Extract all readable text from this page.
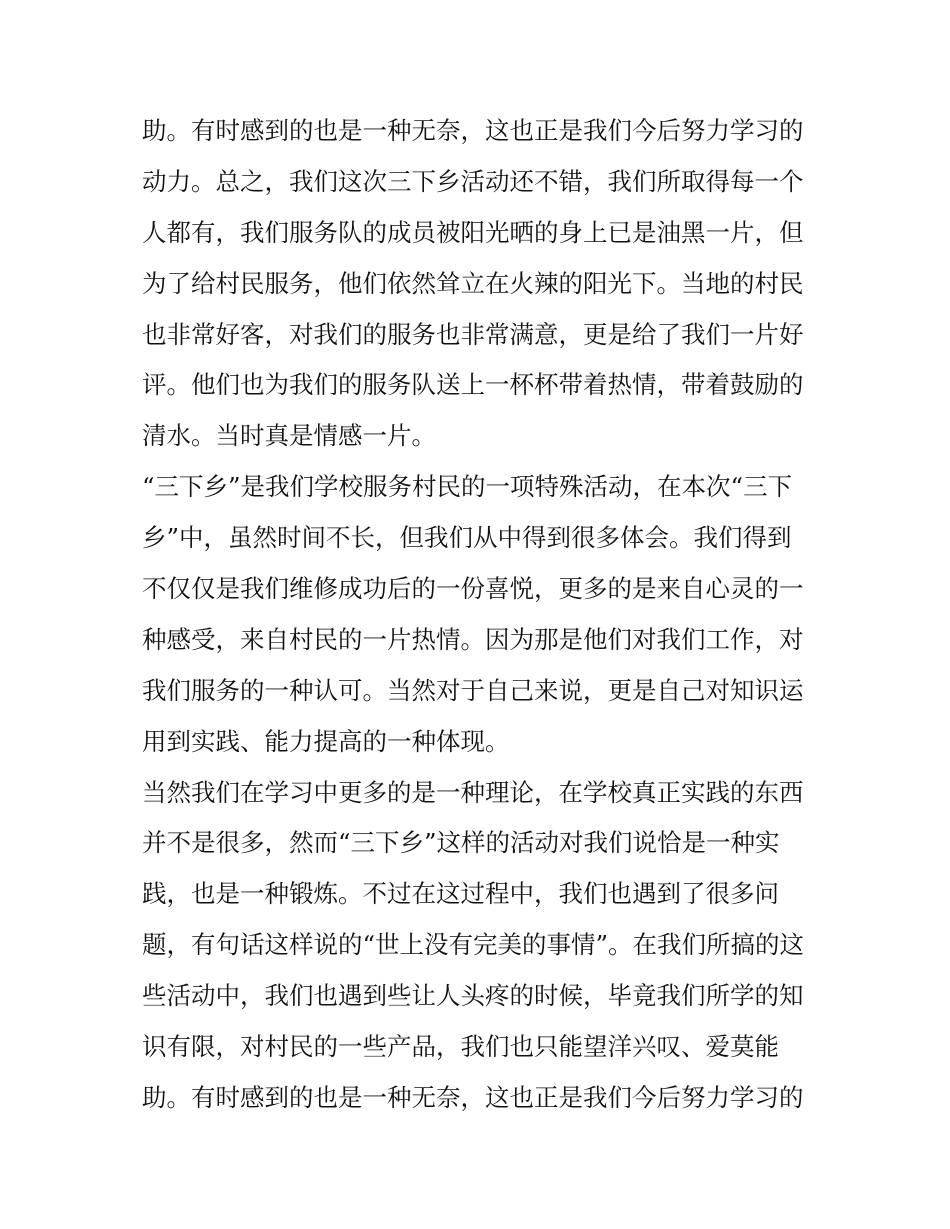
助。有时感到的也是一种无奈，这也正是我们今后努力学习的
动力。总之，我们这次三下乡活动还不错，我们所取得每一个
人都有，我们服务队的成员被阳光晒的身上已是油黑一片，但
为了给村民服务，他们依然耸立在火辣的阳光下。当地的村民
也非常好客，对我们的服务也非常满意，更是给了我们一片好
评。他们也为我们的服务队送上一杯杯带着热情，带着鼓励的
清水。当时真是情感一片。
“三下乡”是我们学校服务村民的一项特殊活动，在本次“三下
乡”中，虽然时间不长，但我们从中得到很多体会。我们得到
不仅仅是我们维修成功后的一份喜悦，更多的是来自心灵的一
种感受，来自村民的一片热情。因为那是他们对我们工作，对
我们服务的一种认可。当然对于自己来说，更是自己对知识运
用到实践、能力提高的一种体现。
当然我们在学习中更多的是一种理论，在学校真正实践的东西
并不是很多，然而“三下乡”这样的活动对我们说恰是一种实
践，也是一种锻炼。不过在这过程中，我们也遇到了很多问
题，有句话这样说的“世上没有完美的事情”。在我们所搞的这
些活动中，我们也遇到些让人头疼的时候，毕竟我们所学的知
识有限，对村民的一些产品，我们也只能望洋兴叹、爱莫能
助。有时感到的也是一种无奈，这也正是我们今后努力学习的
